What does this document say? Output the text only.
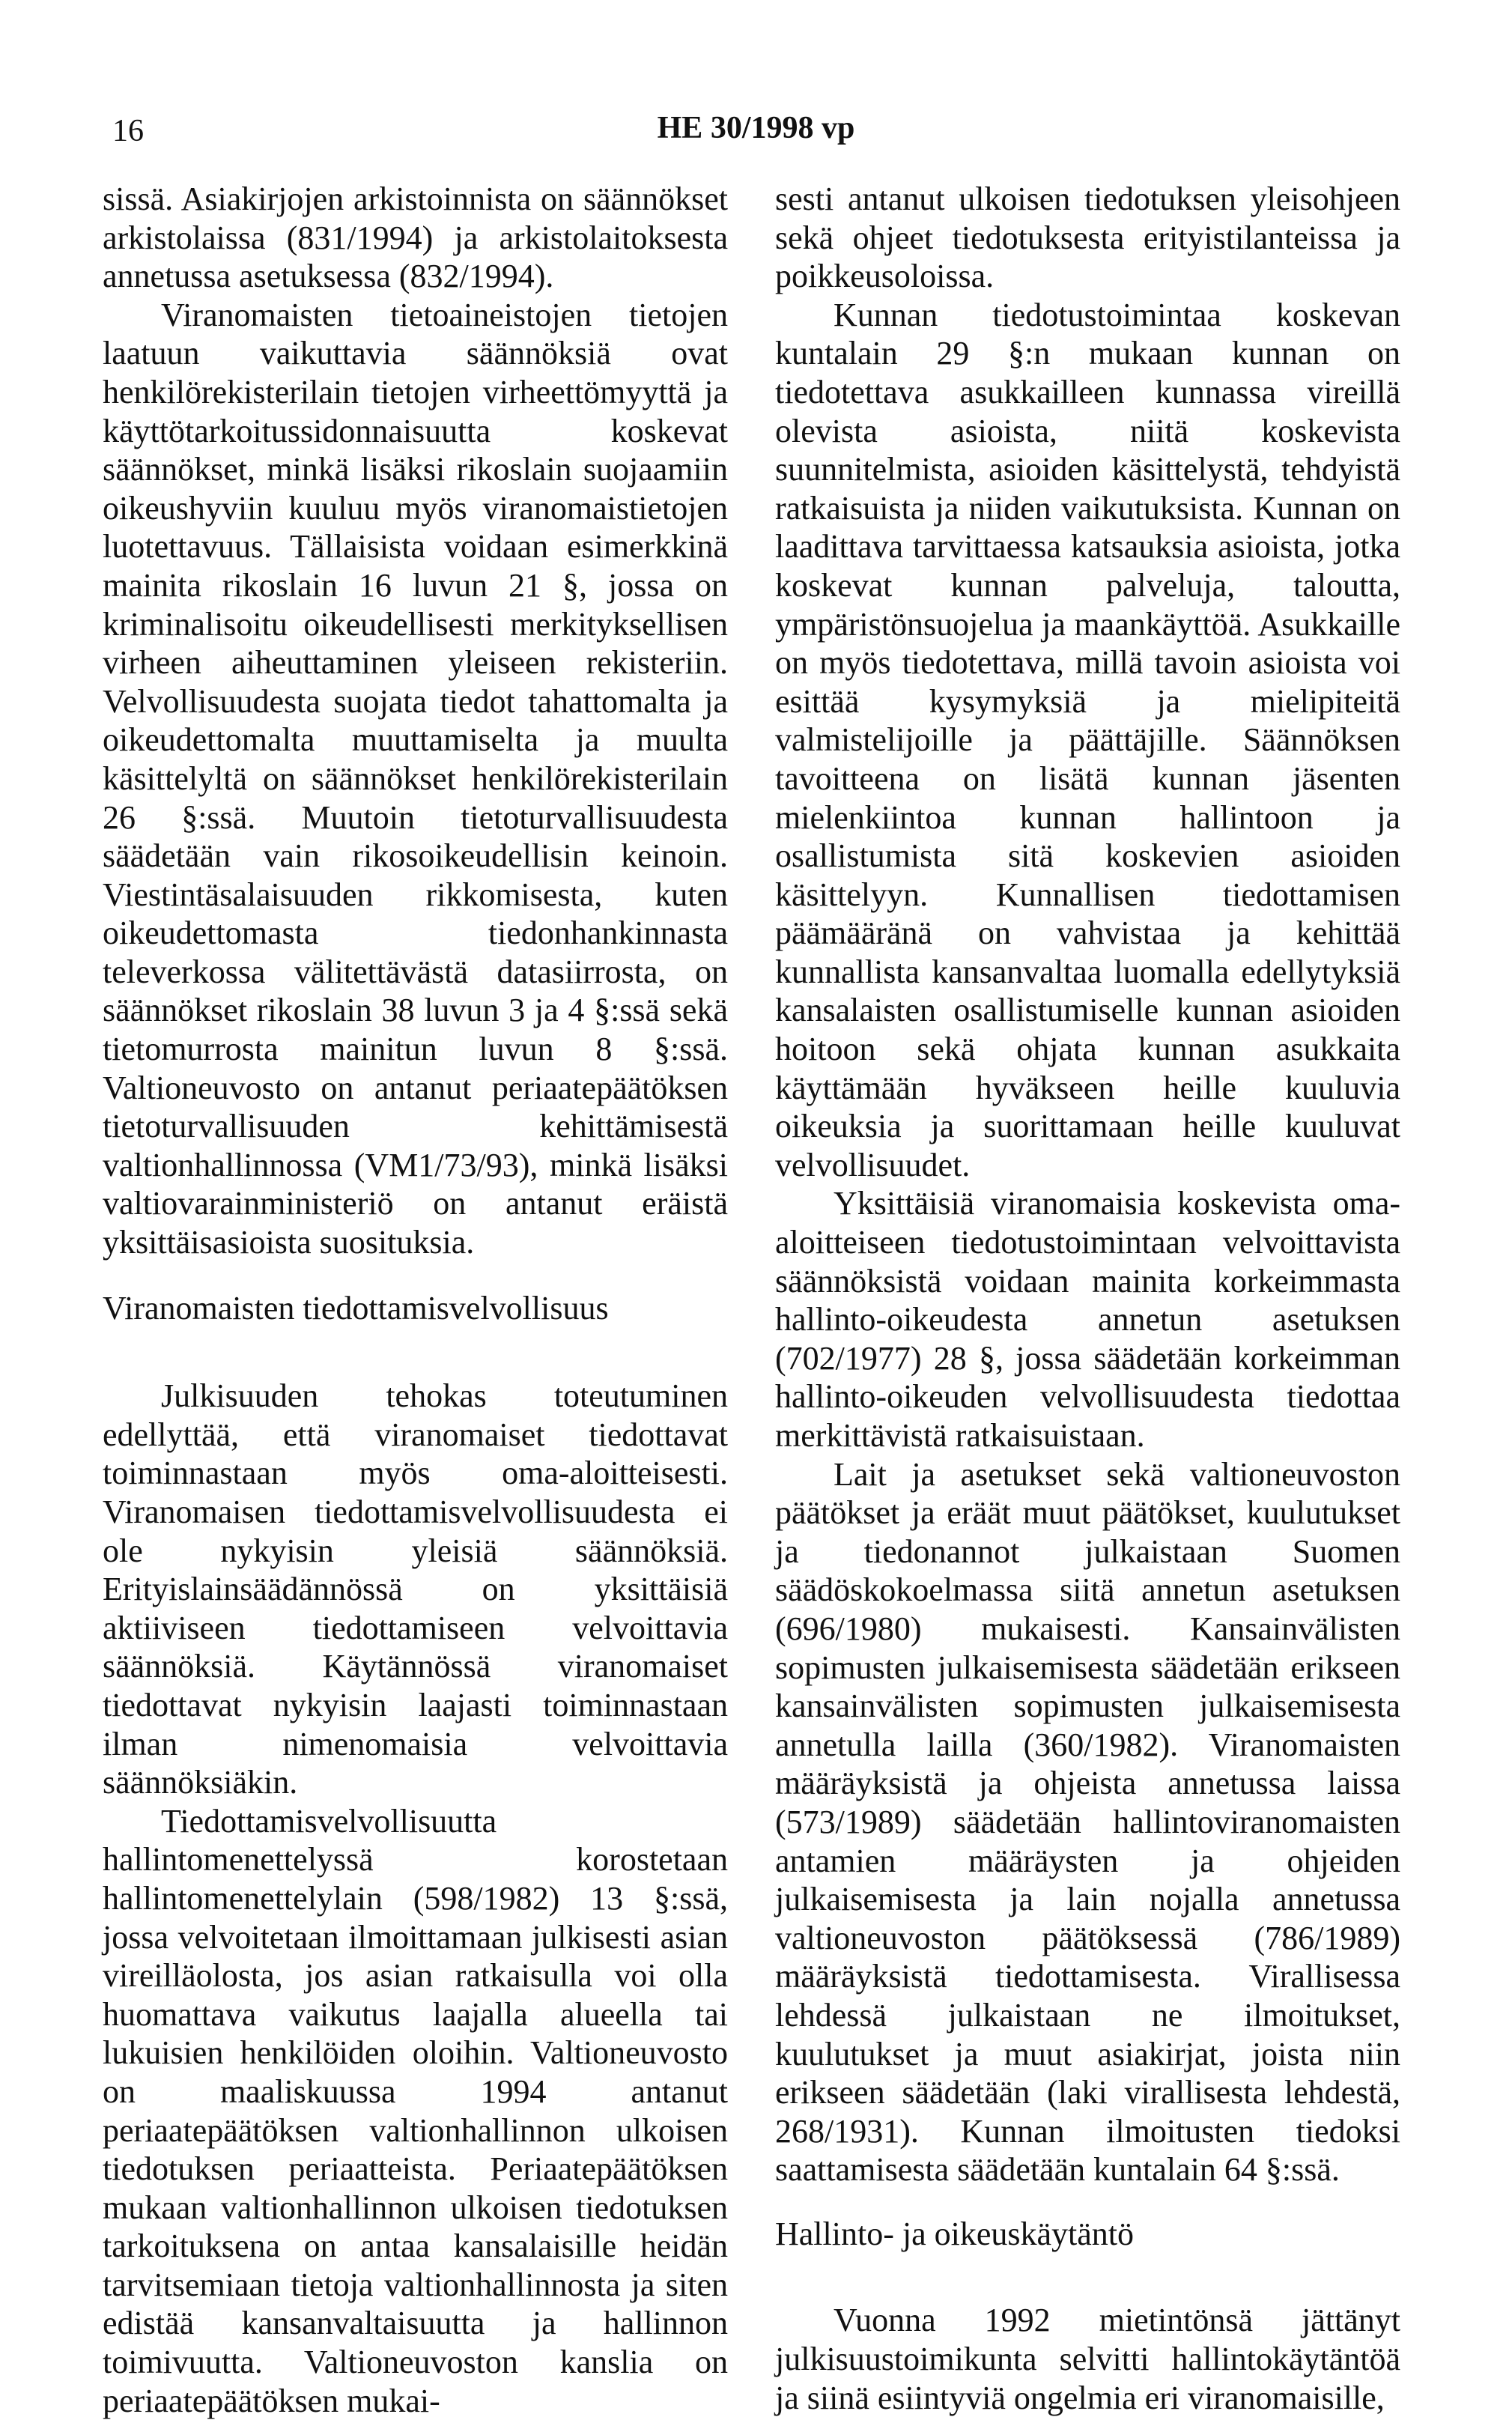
16	HE 30/1998 vp

sissä. Asiakirjojen arkistoinnista on säännökset arkistolaissa (831/1994) ja arkistolaitoksesta annetussa asetuksessa (832/1994).

Viranomaisten tietoaineistojen tietojen laatuun vaikuttavia säännöksiä ovat henkilörekisterilain tietojen virheettömyyttä ja käyttötarkoitussidonnaisuutta koskevat säännökset, minkä lisäksi rikoslain suojaamiin oikeushyviin kuuluu myös viranomaistietojen luotettavuus. Tällaisista voidaan esimerkkinä mainita rikoslain 16 luvun 21 §, jossa on kriminalisoitu oikeudellisesti merkityksellisen virheen aiheuttaminen yleiseen rekisteriin. Velvollisuudesta suojata tiedot tahattomalta ja oikeudettomalta muuttamiselta ja muulta käsittelyltä on säännökset henkilörekisterilain 26 §:ssä. Muutoin tietoturvallisuudesta säädetään vain rikosoikeudellisin keinoin. Viestintäsalaisuuden rikkomisesta, kuten oikeudettomasta tiedonhankinnasta televerkossa välitettävästä datasiirrosta, on säännökset rikoslain 38 luvun 3 ja 4 §:ssä sekä tietomurrosta mainitun luvun 8 §:ssä. Valtioneuvosto on antanut periaatepäätöksen tietoturvallisuuden kehittämisestä valtionhallinnossa (VM1/73/93), minkä lisäksi valtiovarainministeriö on antanut eräistä yksittäisasioista suosituksia.

Viranomaisten tiedottamisvelvollisuus

Julkisuuden tehokas toteutuminen edellyttää, että viranomaiset tiedottavat toiminnastaan myös oma-aloitteisesti. Viranomaisen tiedottamisvelvollisuudesta ei ole nykyisin yleisiä säännöksiä. Erityislainsäädännössä on yksittäisiä aktiiviseen tiedottamiseen velvoittavia säännöksiä. Käytännössä viranomaiset tiedottavat nykyisin laajasti toiminnastaan ilman nimenomaisia velvoittavia säännöksiäkin.

Tiedottamisvelvollisuutta hallintomenettelyssä korostetaan hallintomenettelylain (598/1982) 13 §:ssä, jossa velvoitetaan ilmoittamaan julkisesti asian vireilläolosta, jos asian ratkaisulla voi olla huomattava vaikutus laajalla alueella tai lukuisien henkilöiden oloihin. Valtioneuvosto on maaliskuussa 1994 antanut periaatepäätöksen valtionhallinnon ulkoisen tiedotuksen periaatteista. Periaatepäätöksen mukaan valtionhallinnon ulkoisen tiedotuksen tarkoituksena on antaa kansalaisille heidän tarvitsemiaan tietoja valtionhallinnosta ja siten edistää kansanvaltaisuutta ja hallinnon toimivuutta. Valtioneuvoston kanslia on periaatepäätöksen mukai-

sesti antanut ulkoisen tiedotuksen yleisohjeen sekä ohjeet tiedotuksesta erityistilanteissa ja poikkeusoloissa.

Kunnan tiedotustoimintaa koskevan kuntalain 29 §:n mukaan kunnan on tiedotettava asukkailleen kunnassa vireillä olevista asioista, niitä koskevista suunnitelmista, asioiden käsittelystä, tehdyistä ratkaisuista ja niiden vaikutuksista. Kunnan on laadittava tarvittaessa katsauksia asioista, jotka koskevat kunnan palveluja, taloutta, ympäristönsuojelua ja maankäyttöä. Asukkaille on myös tiedotettava, millä tavoin asioista voi esittää kysymyksiä ja mielipiteitä valmistelijoille ja päättäjille. Säännöksen tavoitteena on lisätä kunnan jäsenten mielenkiintoa kunnan hallintoon ja osallistumista sitä koskevien asioiden käsittelyyn. Kunnallisen tiedottamisen päämääränä on vahvistaa ja kehittää kunnallista kansanvaltaa luomalla edellytyksiä kansalaisten osallistumiselle kunnan asioiden hoitoon sekä ohjata kunnan asukkaita käyttämään hyväkseen heille kuuluvia oikeuksia ja suorittamaan heille kuuluvat velvollisuudet.

Yksittäisiä viranomaisia koskevista oma-aloitteiseen tiedotustoimintaan velvoittavista säännöksistä voidaan mainita korkeimmasta hallinto-oikeudesta annetun asetuksen (702/1977) 28 §, jossa säädetään korkeimman hallinto-oikeuden velvollisuudesta tiedottaa merkittävistä ratkaisuistaan.

Lait ja asetukset sekä valtioneuvoston päätökset ja eräät muut päätökset, kuulutukset ja tiedonannot julkaistaan Suomen säädöskokoelmassa siitä annetun asetuksen (696/1980) mukaisesti. Kansainvälisten sopimusten julkaisemisesta säädetään erikseen kansainvälisten sopimusten julkaisemisesta annetulla lailla (360/1982). Viranomaisten määräyksistä ja ohjeista annetussa laissa (573/1989) säädetään hallintoviranomaisten antamien määräysten ja ohjeiden julkaisemisesta ja lain nojalla annetussa valtioneuvoston päätöksessä (786/1989) määräyksistä tiedottamisesta. Virallisessa lehdessä julkaistaan ne ilmoitukset, kuulutukset ja muut asiakirjat, joista niin erikseen säädetään (laki virallisesta lehdestä, 268/1931). Kunnan ilmoitusten tiedoksi saattamisesta säädetään kuntalain 64 §:ssä.

Hallinto- ja oikeuskäytäntö

Vuonna 1992 mietintönsä jättänyt julkisuustoimikunta selvitti hallintokäytäntöä ja siinä esiintyviä ongelmia eri viranomaisille,
